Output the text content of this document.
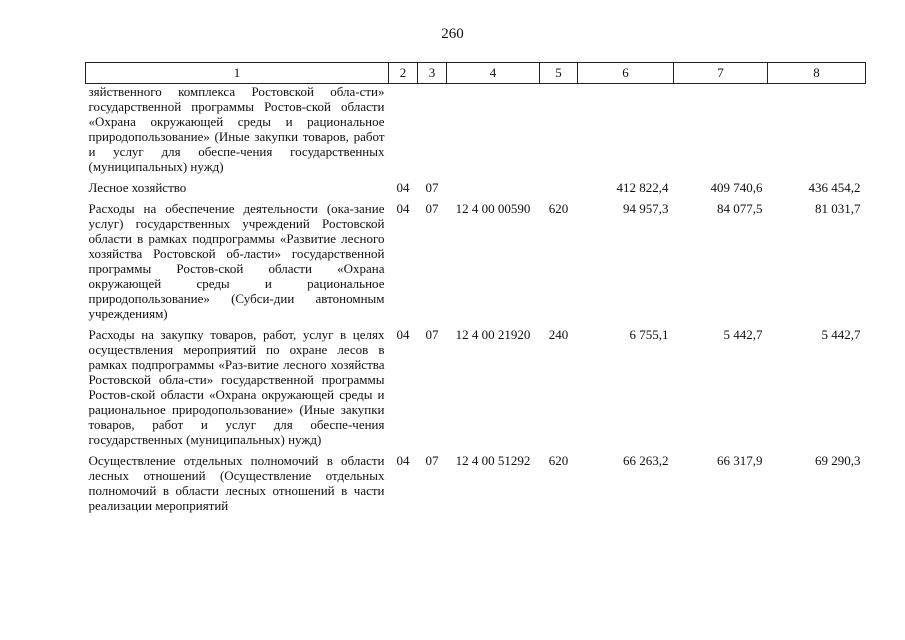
260
1	2	3	4	5	6	7	8
зяйственного комплекса Ростовской обла-сти» государственной программы Ростов-ской области «Охрана окружающей среды и рациональное природопользование» (Иные закупки товаров, работ и услуг для обеспе-чения государственных (муниципальных) нужд)							
Лесное хозяйство	04	07			412 822,4	409 740,6	436 454,2
Расходы на обеспечение деятельности (ока-зание услуг) государственных учреждений Ростовской области в рамках подпрограммы «Развитие лесного хозяйства Ростовской об-ласти» государственной программы Ростов-ской области «Охрана окружающей среды и рациональное природопользование» (Субси-дии автономным учреждениям)	04	07	12 4 00 00590	620	94 957,3	84 077,5	81 031,7
Расходы на закупку товаров, работ, услуг в целях осуществления мероприятий по охране лесов в рамках подпрограммы «Раз-витие лесного хозяйства Ростовской обла-сти» государственной программы Ростов-ской области «Охрана окружающей среды и рациональное природопользование» (Иные закупки товаров, работ и услуг для обеспе-чения государственных (муниципальных) нужд)	04	07	12 4 00 21920	240	6 755,1	5 442,7	5 442,7
Осуществление отдельных полномочий в области лесных отношений (Осуществление отдельных полномочий в области лесных отношений в части реализации мероприятий	04	07	12 4 00 51292	620	66 263,2	66 317,9	69 290,3
